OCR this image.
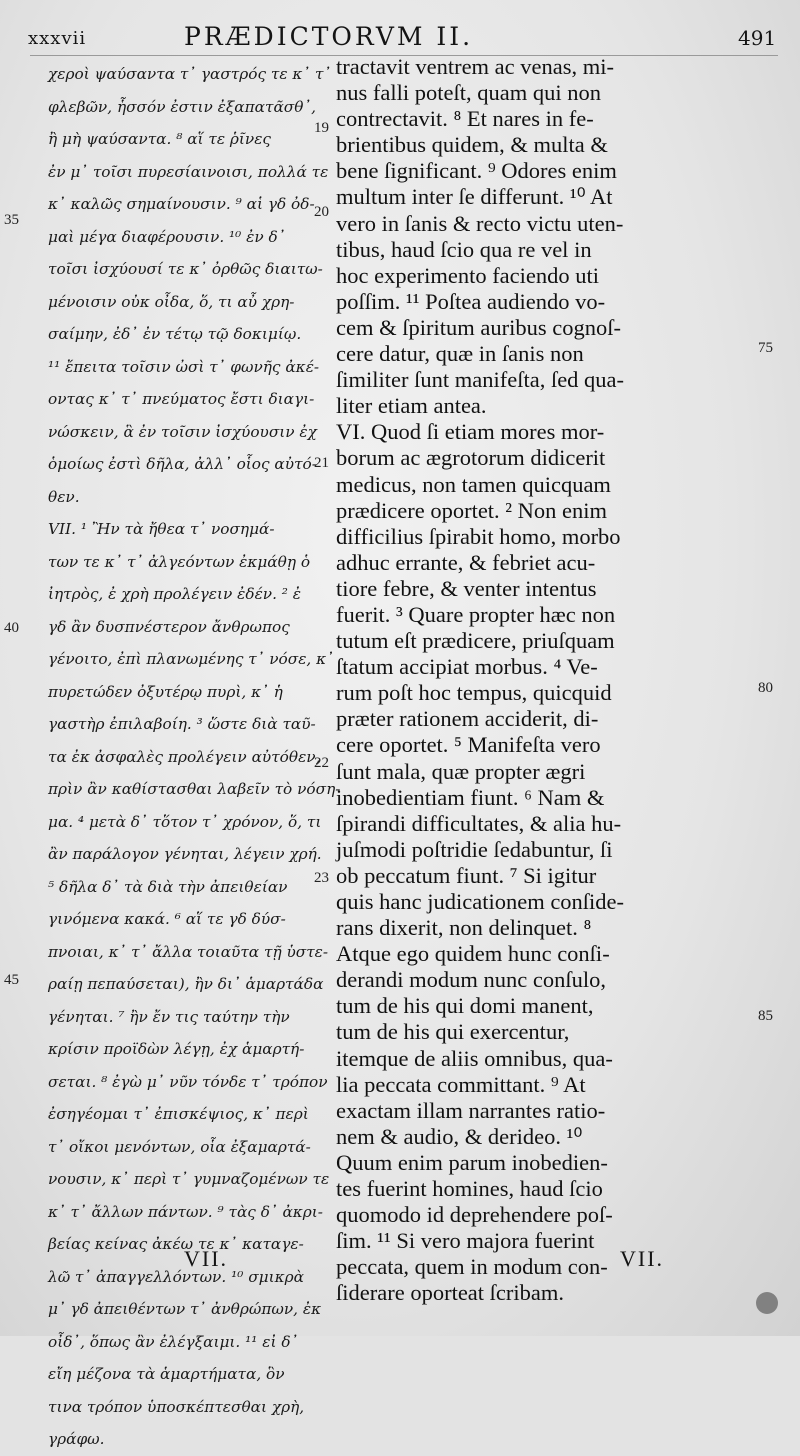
xxxvii	PRÆDICTORVM II.	491
χεροὶ ψαύσαντα τ᾿ γαστρός τε κ᾿ τ᾿
φλεβῶν, ἧσσόν ἐστιν ἐξαπατᾶσθ᾿,
ἢ μὴ ψαύσαντα. ⁸ αἵ τε ῥῖνες
ἐν μ᾿ τοῖσι πυρεσίαινοισι, πολλά τε
κ᾿ καλῶς σημαίνουσιν. ⁹ αἱ γδ ὀδ-
μαὶ μέγα διαφέρουσιν. ¹⁰ ἐν δ᾿
τοῖσι ἰσχύουσί τε κ᾿ ὀρθῶς διαιτω-
μένοισιν οὐκ οἶδα, ὅ, τι αὖ χρη-
σαίμην, ἐδ᾿ ἐν τέτῳ τῷ δοκιμίῳ.
¹¹ ἔπειτα τοῖσιν ὠσὶ τ᾿ φωνῆς ἀκέ-
οντας κ᾿ τ᾿ πνεύματος ἔστι διαγι-
νώσκειν, ἃ ἐν τοῖσιν ἰσχύουσιν ἐχ
ὁμοίως ἐστὶ δῆλα, ἀλλ᾿ οἷος αὐτό-
θεν.
VII. ¹ Ἢν τὰ ἤθεα τ᾿ νοσημά-
των τε κ᾿ τ᾿ ἀλγεόντων ἐκμάθῃ ὁ
ἰητρὸς, ἐ χρὴ προλέγειν ἐδέν. ² ἐ
γδ ἂν δυσπνέστερον ἄνθρωπος
γένοιτο, ἐπὶ πλανωμένης τ᾿ νόσε, κ᾿
πυρετώδεν ὀξυτέρῳ πυρὶ, κ᾿ ἡ
γαστὴρ ἐπιλαβοίη. ³ ὥστε διὰ ταῦ-
τα ἐκ ἀσφαλὲς προλέγειν αὐτόθεν,
πρὶν ἂν καθίστασθαι λαβεῖν τὸ νόση-
μα. ⁴ μετὰ δ᾿ τὅτον τ᾿ χρόνον, ὅ, τι
ἂν παράλογον γένηται, λέγειν χρή.
⁵ δῆλα δ᾿ τὰ διὰ τὴν ἀπειθείαν
γινόμενα κακά. ⁶ αἵ τε γδ δύσ-
πνοιαι, κ᾿ τ᾿ ἄλλα τοιαῦτα τῇ ὑστε-
ραίῃ πεπαύσεται), ἢν δι᾿ ἁμαρτάδα
γένηται. ⁷ ἢν ἔν τις ταύτην τὴν
κρίσιν προϊδὼν λέγῃ, ἐχ ἁμαρτή-
σεται. ⁸ ἐγὼ μ᾿ νῦν τόνδε τ᾿ τρόπον
ἐσηγέομαι τ᾿ ἐπισκέψιος, κ᾿ περὶ
τ᾿ οἴκοι μενόντων, οἷα ἐξαμαρτά-
νουσιν, κ᾿ περὶ τ᾿ γυμναζομένων τε
κ᾿ τ᾿ ἄλλων πάντων. ⁹ τὰς δ᾿ ἀκρι-
βείας κείνας ἀκέω τε κ᾿ καταγε-
λῶ τ᾿ ἀπαγγελλόντων. ¹⁰ σμικρὰ
μ᾿ γδ ἀπειθέντων τ᾿ ἀνθρώπων, ἐκ
οἶδ᾿, ὅπως ἂν ἐλέγξαιμι. ¹¹ εἰ δ᾿
εἴη μέζονα τὰ ἁμαρτήματα, ὃν
τινα τρόπον ὑποσκέπτεσθαι χρὴ,
γράφω.
tractavit ventrem ac venas, mi-
nus falli poteſt, quam qui non
contrectavit. ⁸ Et nares in fe-
brientibus quidem, & multa &
bene ſignificant. ⁹ Odores enim
multum inter ſe differunt. ¹⁰ At
vero in ſanis & recto victu uten-
tibus, haud ſcio qua re vel in
hoc experimento faciendo uti
poſſim. ¹¹ Poſtea audiendo vo-
cem & ſpiritum auribus cognoſ-
cere datur, quæ in ſanis non
ſimiliter ſunt manifeſta, ſed qua-
liter etiam antea.
VI. Quod ſi etiam mores mor-
borum ac ægrotorum didicerit
medicus, non tamen quicquam
prædicere oportet. ² Non enim
difficilius ſpirabit homo, morbo
adhuc errante, & febriet acu-
tiore febre, & venter intentus
fuerit. ³ Quare propter hæc non
tutum eſt prædicere, priuſquam
ſtatum accipiat morbus. ⁴ Ve-
rum poſt hoc tempus, quicquid
præter rationem acciderit, di-
cere oportet. ⁵ Manifeſta vero
ſunt mala, quæ propter ægri
inobedientiam fiunt. ⁶ Nam &
ſpirandi difficultates, & alia hu-
juſmodi poſtridie ſedabuntur, ſi
ob peccatum fiunt. ⁷ Si igitur
quis hanc judicationem conſide-
rans dixerit, non delinquet. ⁸
Atque ego quidem hunc conſi-
derandi modum nunc conſulo,
tum de his qui domi manent,
tum de his qui exercentur,
itemque de aliis omnibus, qua-
lia peccata committant. ⁹ At
exactam illam narrantes ratio-
nem & audio, & derideo. ¹⁰
Quum enim parum inobedien-
tes fuerint homines, haud ſcio
quomodo id deprehendere poſ-
ſim. ¹¹ Si vero majora fuerint
peccata, quem in modum con-
ſiderare oporteat ſcribam.
35
40
45
19
20
21
22
23
75
80
85
VII.	VII.
